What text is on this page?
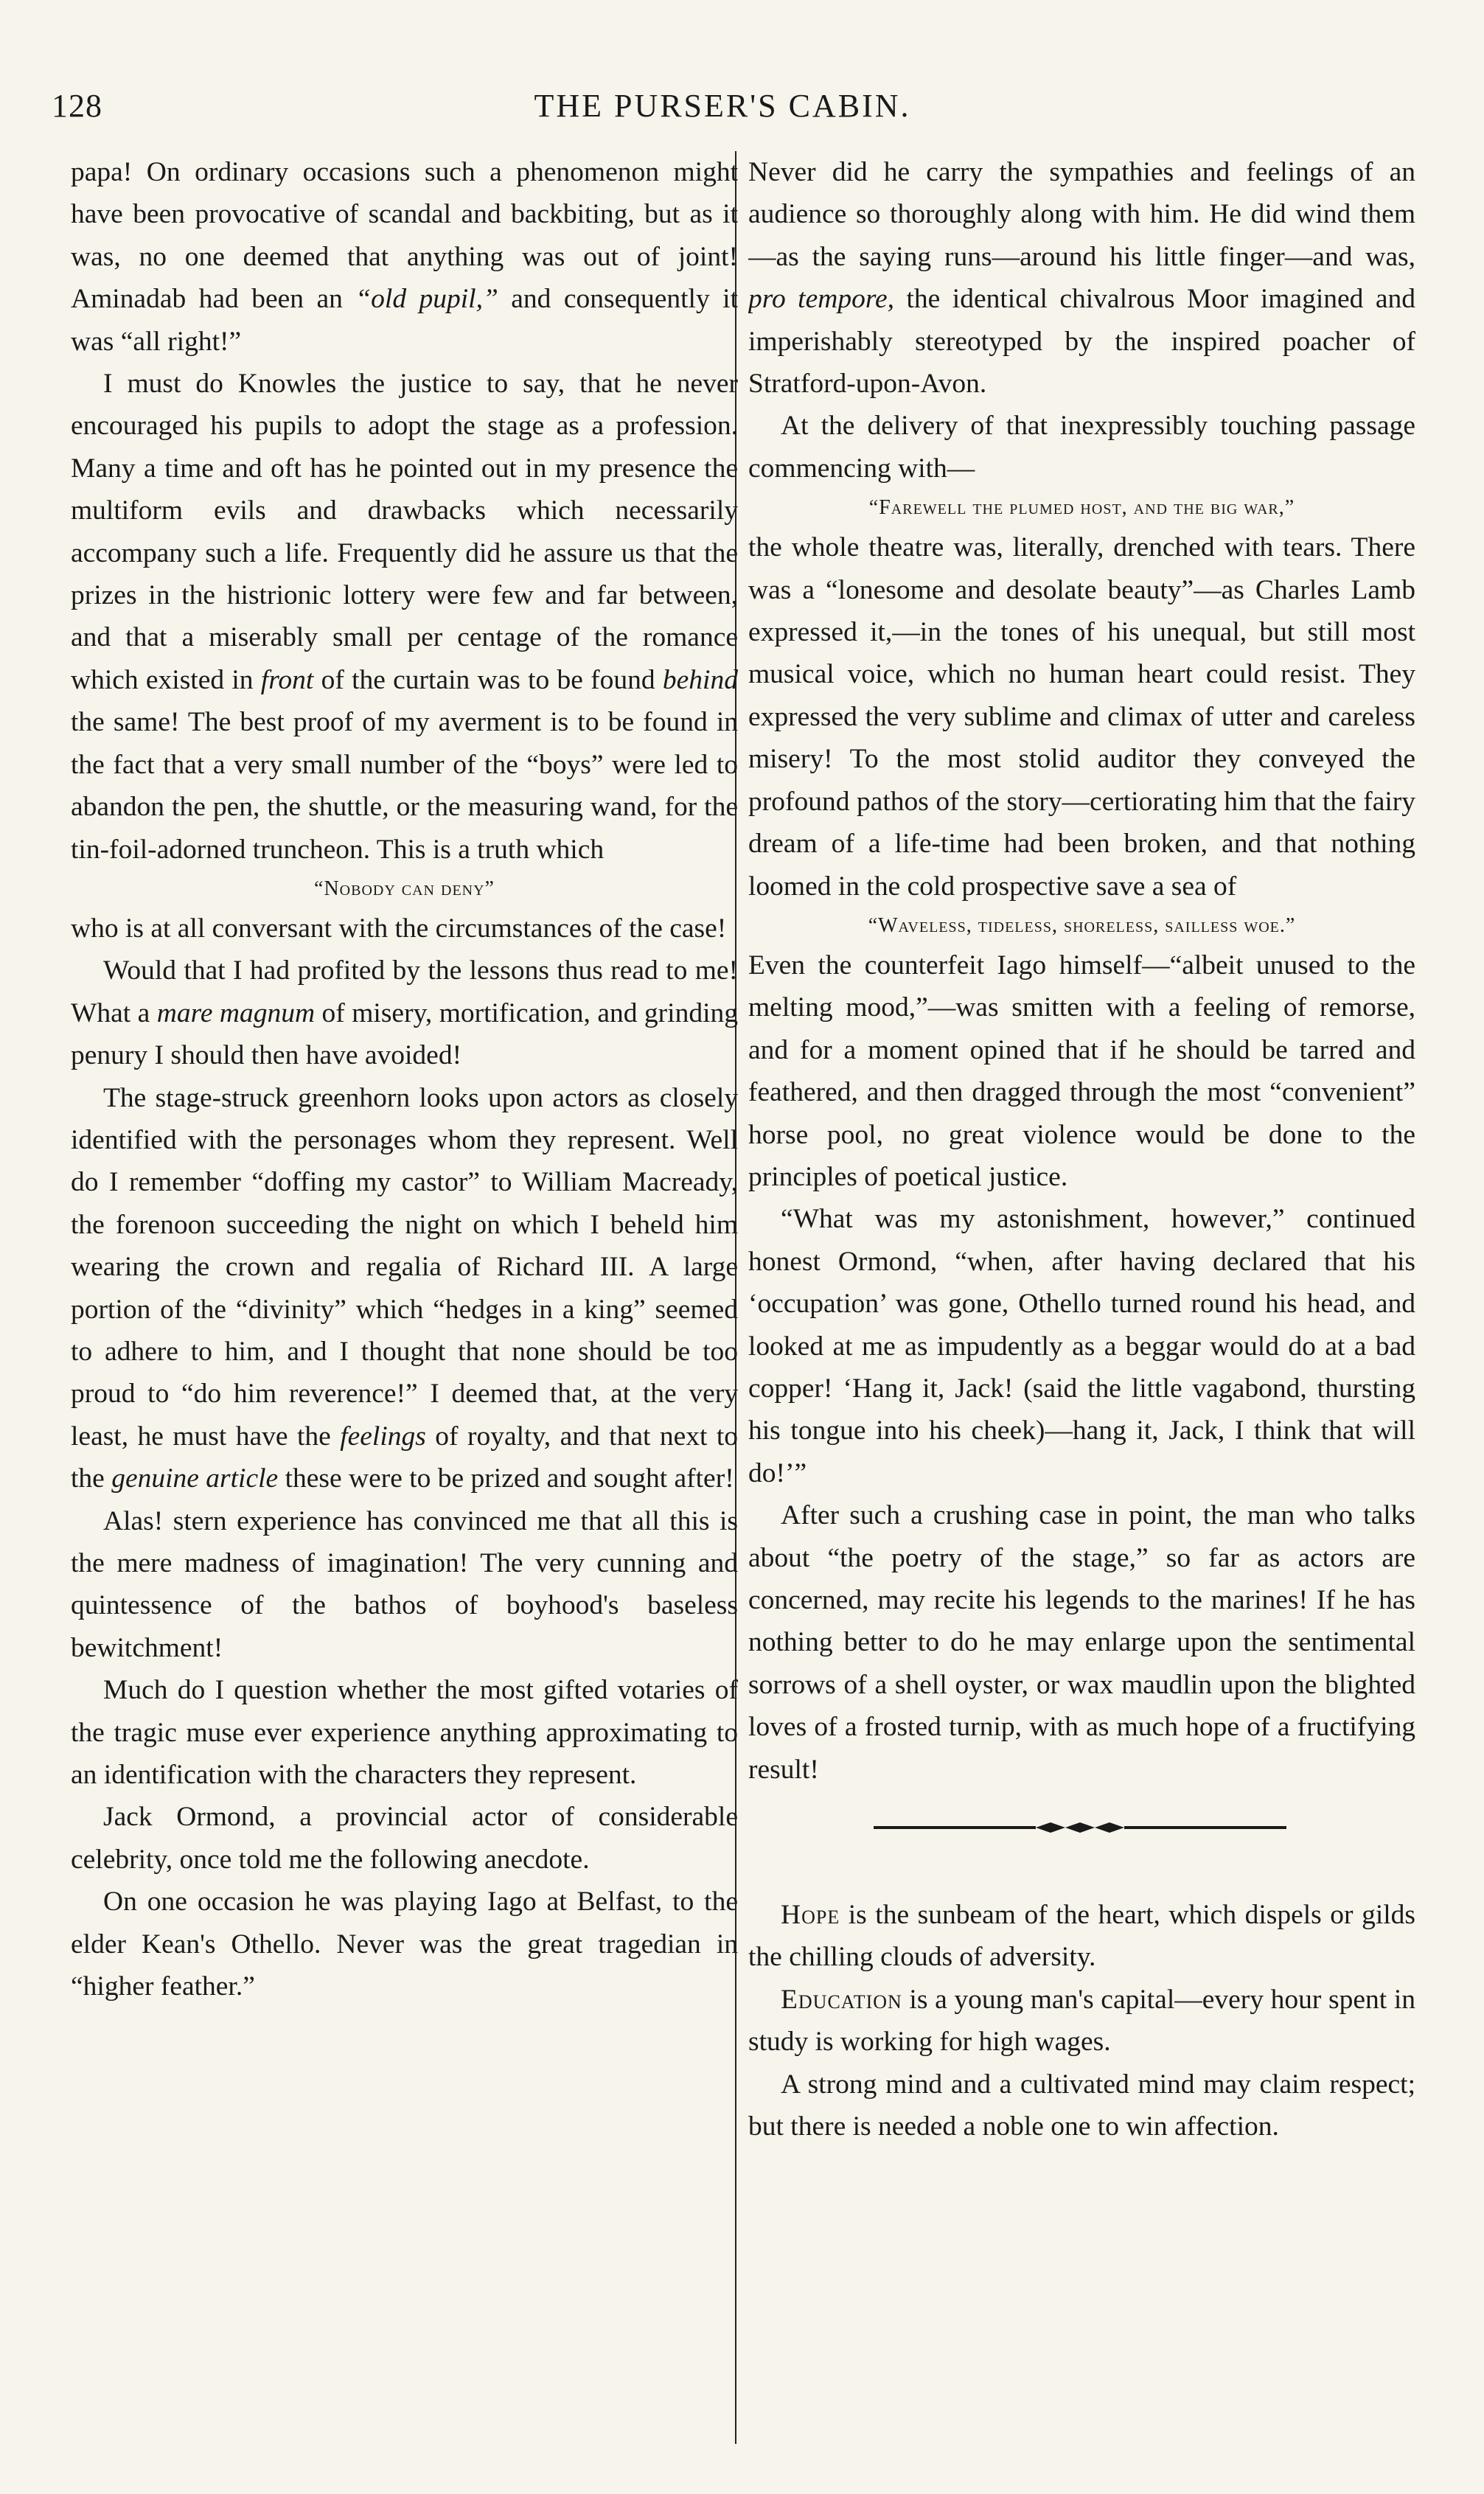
128	THE PURSER'S CABIN.

papa! On ordinary occasions such a phenomenon might have been provocative of scandal and backbiting, but as it was, no one deemed that anything was out of joint! Aminadab had been an “old pupil,” and consequently it was “all right!”

I must do Knowles the justice to say, that he never encouraged his pupils to adopt the stage as a profession. Many a time and oft has he pointed out in my presence the multiform evils and drawbacks which necessarily accompany such a life. Frequently did he assure us that the prizes in the histrionic lottery were few and far between, and that a miserably small per centage of the romance which existed in front of the curtain was to be found behind the same! The best proof of my averment is to be found in the fact that a very small number of the “boys” were led to abandon the pen, the shuttle, or the measuring wand, for the tin-foil-adorned truncheon. This is a truth which

“Nobody can deny”

who is at all conversant with the circumstances of the case!

Would that I had profited by the lessons thus read to me! What a mare magnum of misery, mortification, and grinding penury I should then have avoided!

The stage-struck greenhorn looks upon actors as closely identified with the personages whom they represent. Well do I remember “doffing my castor” to William Macready, the forenoon succeeding the night on which I beheld him wearing the crown and regalia of Richard III. A large portion of the “divinity” which “hedges in a king” seemed to adhere to him, and I thought that none should be too proud to “do him reverence!” I deemed that, at the very least, he must have the feelings of royalty, and that next to the genuine article these were to be prized and sought after!

Alas! stern experience has convinced me that all this is the mere madness of imagination! The very cunning and quintessence of the bathos of boyhood's baseless bewitchment!

Much do I question whether the most gifted votaries of the tragic muse ever experience anything approximating to an identification with the characters they represent.

Jack Ormond, a provincial actor of considerable celebrity, once told me the following anecdote.

On one occasion he was playing Iago at Belfast, to the elder Kean's Othello. Never was the great tragedian in “higher feather.”

Never did he carry the sympathies and feelings of an audience so thoroughly along with him. He did wind them—as the saying runs—around his little finger—and was, pro tempore, the identical chivalrous Moor imagined and imperishably stereotyped by the inspired poacher of Stratford-upon-Avon.

At the delivery of that inexpressibly touching passage commencing with—

“Farewell the plumed host, and the big war,”

the whole theatre was, literally, drenched with tears. There was a “lonesome and desolate beauty”—as Charles Lamb expressed it,—in the tones of his unequal, but still most musical voice, which no human heart could resist. They expressed the very sublime and climax of utter and careless misery! To the most stolid auditor they conveyed the profound pathos of the story—certiorating him that the fairy dream of a life-time had been broken, and that nothing loomed in the cold prospective save a sea of

“Waveless, tideless, shoreless, sailless woe.”

Even the counterfeit Iago himself—“albeit unused to the melting mood,”—was smitten with a feeling of remorse, and for a moment opined that if he should be tarred and feathered, and then dragged through the most “convenient” horse pool, no great violence would be done to the principles of poetical justice.

“What was my astonishment, however,” continued honest Ormond, “when, after having declared that his ‘occupation’ was gone, Othello turned round his head, and looked at me as impudently as a beggar would do at a bad copper! ‘Hang it, Jack! (said the little vagabond, thursting his tongue into his cheek)—hang it, Jack, I think that will do!’”

After such a crushing case in point, the man who talks about “the poetry of the stage,” so far as actors are concerned, may recite his legends to the marines! If he has nothing better to do he may enlarge upon the sentimental sorrows of a shell oyster, or wax maudlin upon the blighted loves of a frosted turnip, with as much hope of a fructifying result!

Hope is the sunbeam of the heart, which dispels or gilds the chilling clouds of adversity.

Education is a young man's capital—every hour spent in study is working for high wages.

A strong mind and a cultivated mind may claim respect; but there is needed a noble one to win affection.
